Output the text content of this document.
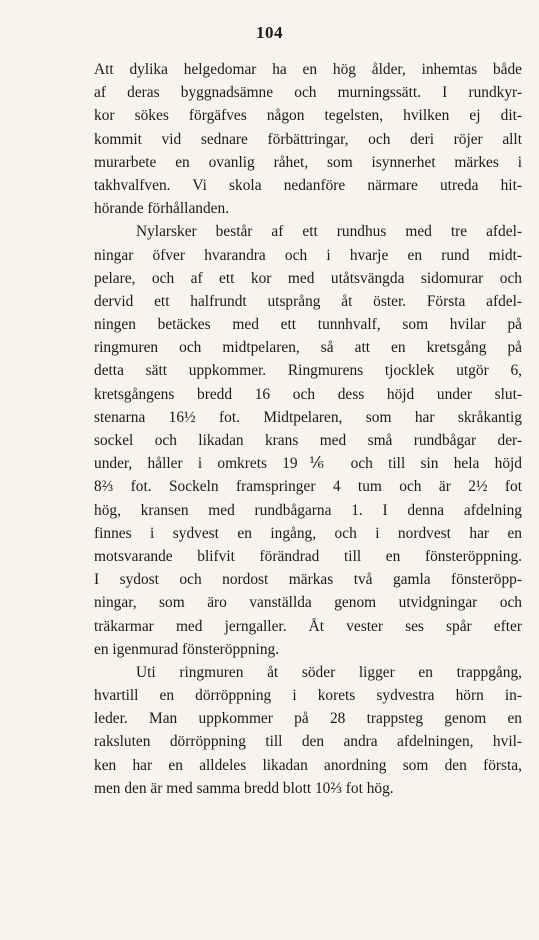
104
Att dylika helgedomar ha en hög ålder, inhemtas både
af deras byggnadsämne och murningssätt. I rundkyr-
kor sökes förgäfves någon tegelsten, hvilken ej dit-
kommit vid sednare förbättringar, och deri röjer allt
murarbete en ovanlig råhet, som isynnerhet märkes i
takhvalfven. Vi skola nedanföre närmare utreda hit-
hörande förhållanden.
Nylarsker består af ett rundhus med tre afdel-
ningar öfver hvarandra och i hvarje en rund midt-
pelare, och af ett kor med utåtsvängda sidomurar och
dervid ett halfrundt utsprång åt öster. Första afdel-
ningen betäckes med ett tunnhvalf, som hvilar på
ringmuren och midtpelaren, så att en kretsgång på
detta sätt uppkommer. Ringmurens tjocklek utgör 6,
kretsgångens bredd 16 och dess höjd under slut-
stenarna 16½ fot. Midtpelaren, som har skråkantig
sockel och likadan krans med små rundbågar der-
under, håller i omkrets 19⅙ och till sin hela höjd
8⅔ fot. Sockeln framspringer 4 tum och är 2½ fot
hög, kransen med rundbågarna 1. I denna afdelning
finnes i sydvest en ingång, och i nordvest har en
motsvarande blifvit förändrad till en fönsteröppning.
I sydost och nordost märkas två gamla fönsteröpp-
ningar, som äro vanställda genom utvidgningar och
träkarmar med jerngaller. Åt vester ses spår efter
en igenmurad fönsteröppning.
Uti ringmuren åt söder ligger en trappgång,
hvartill en dörröppning i korets sydvestra hörn in-
leder. Man uppkommer på 28 trappsteg genom en
raksluten dörröppning till den andra afdelningen, hvil-
ken har en alldeles likadan anordning som den första,
men den är med samma bredd blott 10⅔ fot hög.
